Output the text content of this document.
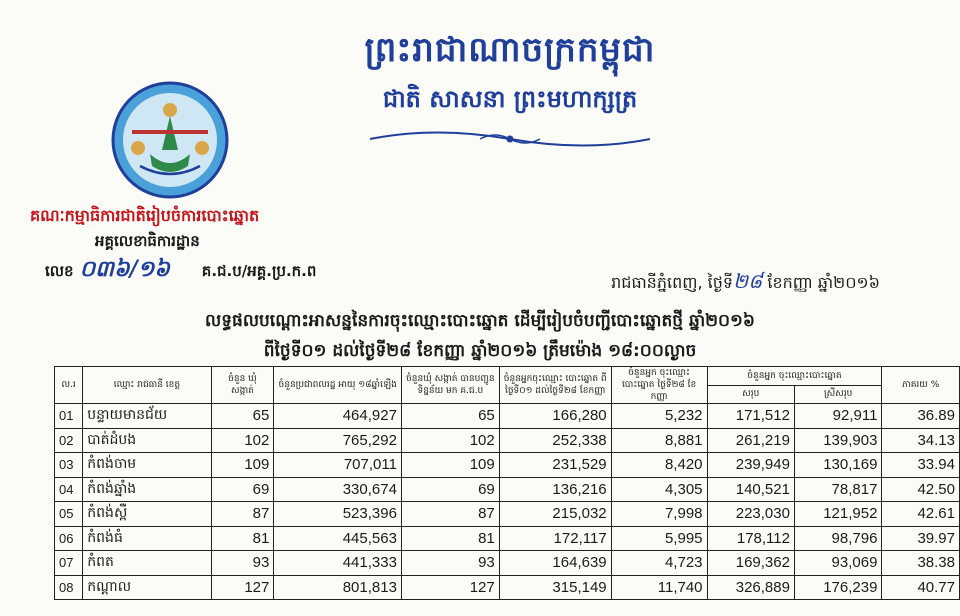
ព្រះរាជាណាចក្រកម្ពុជា
ជាតិ សាសនា ព្រះមហាក្សត្រ
គណៈកម្មាធិការជាតិរៀបចំការបោះឆ្នោត
អគ្គលេខាធិការដ្ឋាន
លេខ ០៣៦/១៦ គ.ជ.ប/អគ្គ.ប្រ.ក.ព
រាជធានីភ្នំពេញ, ថ្ងៃទី២៨ ខែកញ្ញា ឆ្នាំ២០១៦
លទ្ធផលបណ្ដោះអាសន្ននៃការចុះឈ្មោះបោះឆ្នោត ដើម្បីរៀបចំបញ្ជីបោះឆ្នោតថ្មី ឆ្នាំ២០១៦
ពីថ្ងៃទី០១ ដល់ថ្ងៃទី២៨ ខែកញ្ញា ឆ្នាំ២០១៦ ត្រឹមម៉ោង ១៨:០០ល្ងាច
ល.រ	ឈ្មោះ រាជធានី ខេត្ត	ចំនួន ឃុំ សង្កាត់	ចំនួនប្រជាពលរដ្ឋ អាយុ ១៨ឆ្នាំឡើង	ចំនួនឃុំ សង្កាត់ បានបញ្ជូនទិន្នន័យ មក គ.ជ.ប	ចំនួនអ្នកចុះឈ្មោះ បោះឆ្នោត ពីថ្ងៃទី០១ ដល់ថ្ងៃទី២៨ ខែកញ្ញា	ចំនួនអ្នក ចុះឈ្មោះបោះឆ្នោត ថ្ងៃទី២៨ ខែកញ្ញា	ចំនួនអ្នក ចុះឈ្មោះបោះឆ្នោត		ភាគរយ %
							សរុប	ស្រីសរុប	
01	បន្ទាយមានជ័យ	65	464,927	65	166,280	5,232	171,512	92,911	36.89
02	បាត់ដំបង	102	765,292	102	252,338	8,881	261,219	139,903	34.13
03	កំពង់ចាម	109	707,011	109	231,529	8,420	239,949	130,169	33.94
04	កំពង់ឆ្នាំង	69	330,674	69	136,216	4,305	140,521	78,817	42.50
05	កំពង់ស្ពឺ	87	523,396	87	215,032	7,998	223,030	121,952	42.61
06	កំពង់ធំ	81	445,563	81	172,117	5,995	178,112	98,796	39.97
07	កំពត	93	441,333	93	164,639	4,723	169,362	93,069	38.38
08	កណ្ដាល	127	801,813	127	315,149	11,740	326,889	176,239	40.77
